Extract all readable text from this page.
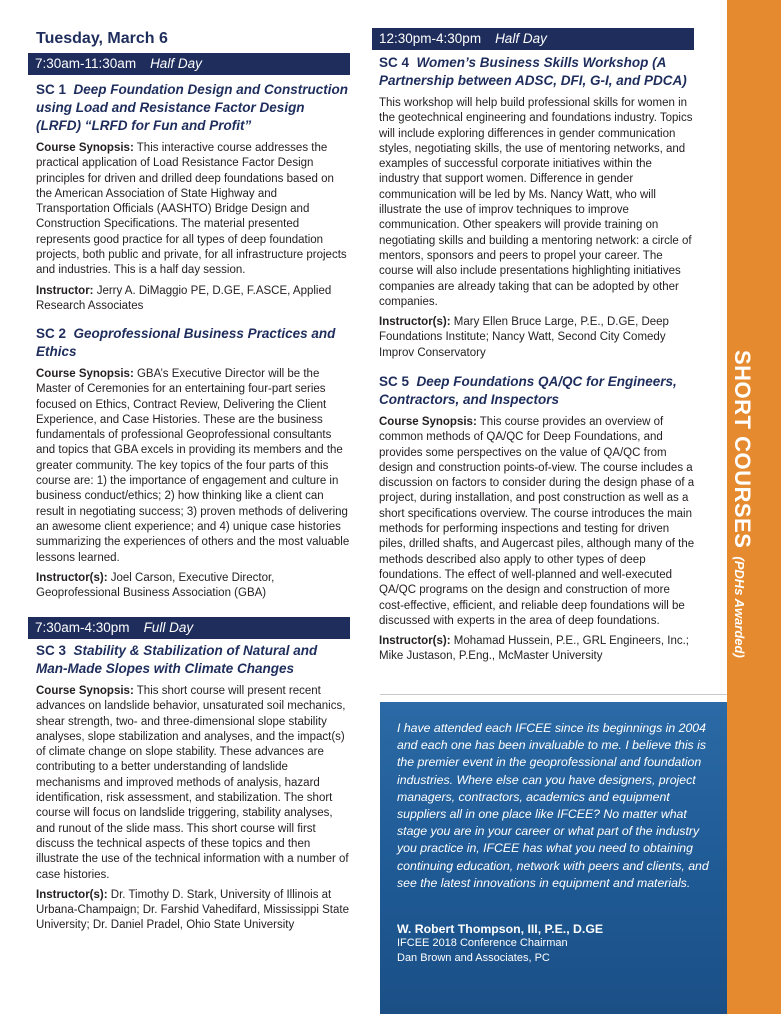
Tuesday, March 6
7:30am-11:30am Half Day
SC 1 Deep Foundation Design and Construction using Load and Resistance Factor Design (LRFD) “LRFD for Fun and Profit”
Course Synopsis: This interactive course addresses the practical application of Load Resistance Factor Design principles for driven and drilled deep foundations based on the American Association of State Highway and Transportation Officials (AASHTO) Bridge Design and Construction Specifications. The material presented represents good practice for all types of deep foundation projects, both public and private, for all infrastructure projects and industries. This is a half day session.
Instructor: Jerry A. DiMaggio PE, D.GE, F.ASCE, Applied Research Associates
SC 2 Geoprofessional Business Practices and Ethics
Course Synopsis: GBA’s Executive Director will be the Master of Ceremonies for an entertaining four-part series focused on Ethics, Contract Review, Delivering the Client Experience, and Case Histories. These are the business fundamentals of professional Geoprofessional consultants and topics that GBA excels in providing its members and the greater community. The key topics of the four parts of this course are: 1) the importance of engagement and culture in business conduct/ethics; 2) how thinking like a client can result in negotiating success; 3) proven methods of delivering an awesome client experience; and 4) unique case histories summarizing the experiences of others and the most valuable lessons learned.
Instructor(s): Joel Carson, Executive Director, Geoprofessional Business Association (GBA)
7:30am-4:30pm Full Day
SC 3 Stability & Stabilization of Natural and Man-Made Slopes with Climate Changes
Course Synopsis: This short course will present recent advances on landslide behavior, unsaturated soil mechanics, shear strength, two- and three-dimensional slope stability analyses, slope stabilization and analyses, and the impact(s) of climate change on slope stability. These advances are contributing to a better understanding of landslide mechanisms and improved methods of analysis, hazard identification, risk assessment, and stabilization. The short course will focus on landslide triggering, stability analyses, and runout of the slide mass. This short course will first discuss the technical aspects of these topics and then illustrate the use of the technical information with a number of case histories.
Instructor(s): Dr. Timothy D. Stark, University of Illinois at Urbana-Champaign; Dr. Farshid Vahedifard, Mississippi State University; Dr. Daniel Pradel, Ohio State University
12:30pm-4:30pm Half Day
SC 4 Women’s Business Skills Workshop (A Partnership between ADSC, DFI, G-I, and PDCA)
This workshop will help build professional skills for women in the geotechnical engineering and foundations industry. Topics will include exploring differences in gender communication styles, negotiating skills, the use of mentoring networks, and examples of successful corporate initiatives within the industry that support women. Difference in gender communication will be led by Ms. Nancy Watt, who will illustrate the use of improv techniques to improve communication. Other speakers will provide training on negotiating skills and building a mentoring network: a circle of mentors, sponsors and peers to propel your career. The course will also include presentations highlighting initiatives companies are already taking that can be adopted by other companies.
Instructor(s): Mary Ellen Bruce Large, P.E., D.GE, Deep Foundations Institute; Nancy Watt, Second City Comedy Improv Conservatory
SC 5 Deep Foundations QA/QC for Engineers, Contractors, and Inspectors
Course Synopsis: This course provides an overview of common methods of QA/QC for Deep Foundations, and provides some perspectives on the value of QA/QC from design and construction points-of-view. The course includes a discussion on factors to consider during the design phase of a project, during installation, and post construction as well as a short specifications overview. The course introduces the main methods for performing inspections and testing for driven piles, drilled shafts, and Augercast piles, although many of the methods described also apply to other types of deep foundations. The effect of well-planned and well-executed QA/QC programs on the design and construction of more cost-effective, efficient, and reliable deep foundations will be discussed with experts in the area of deep foundations.
Instructor(s): Mohamad Hussein, P.E., GRL Engineers, Inc.; Mike Justason, P.Eng., McMaster University
I have attended each IFCEE since its beginnings in 2004 and each one has been invaluable to me. I believe this is the premier event in the geoprofessional and foundation industries. Where else can you have designers, project managers, contractors, academics and equipment suppliers all in one place like IFCEE? No matter what stage you are in your career or what part of the industry you practice in, IFCEE has what you need to obtaining continuing education, network with peers and clients, and see the latest innovations in equipment and materials.
W. Robert Thompson, III, P.E., D.GE
IFCEE 2018 Conference Chairman
Dan Brown and Associates, PC
SHORT COURSES(PDHs Awarded)
